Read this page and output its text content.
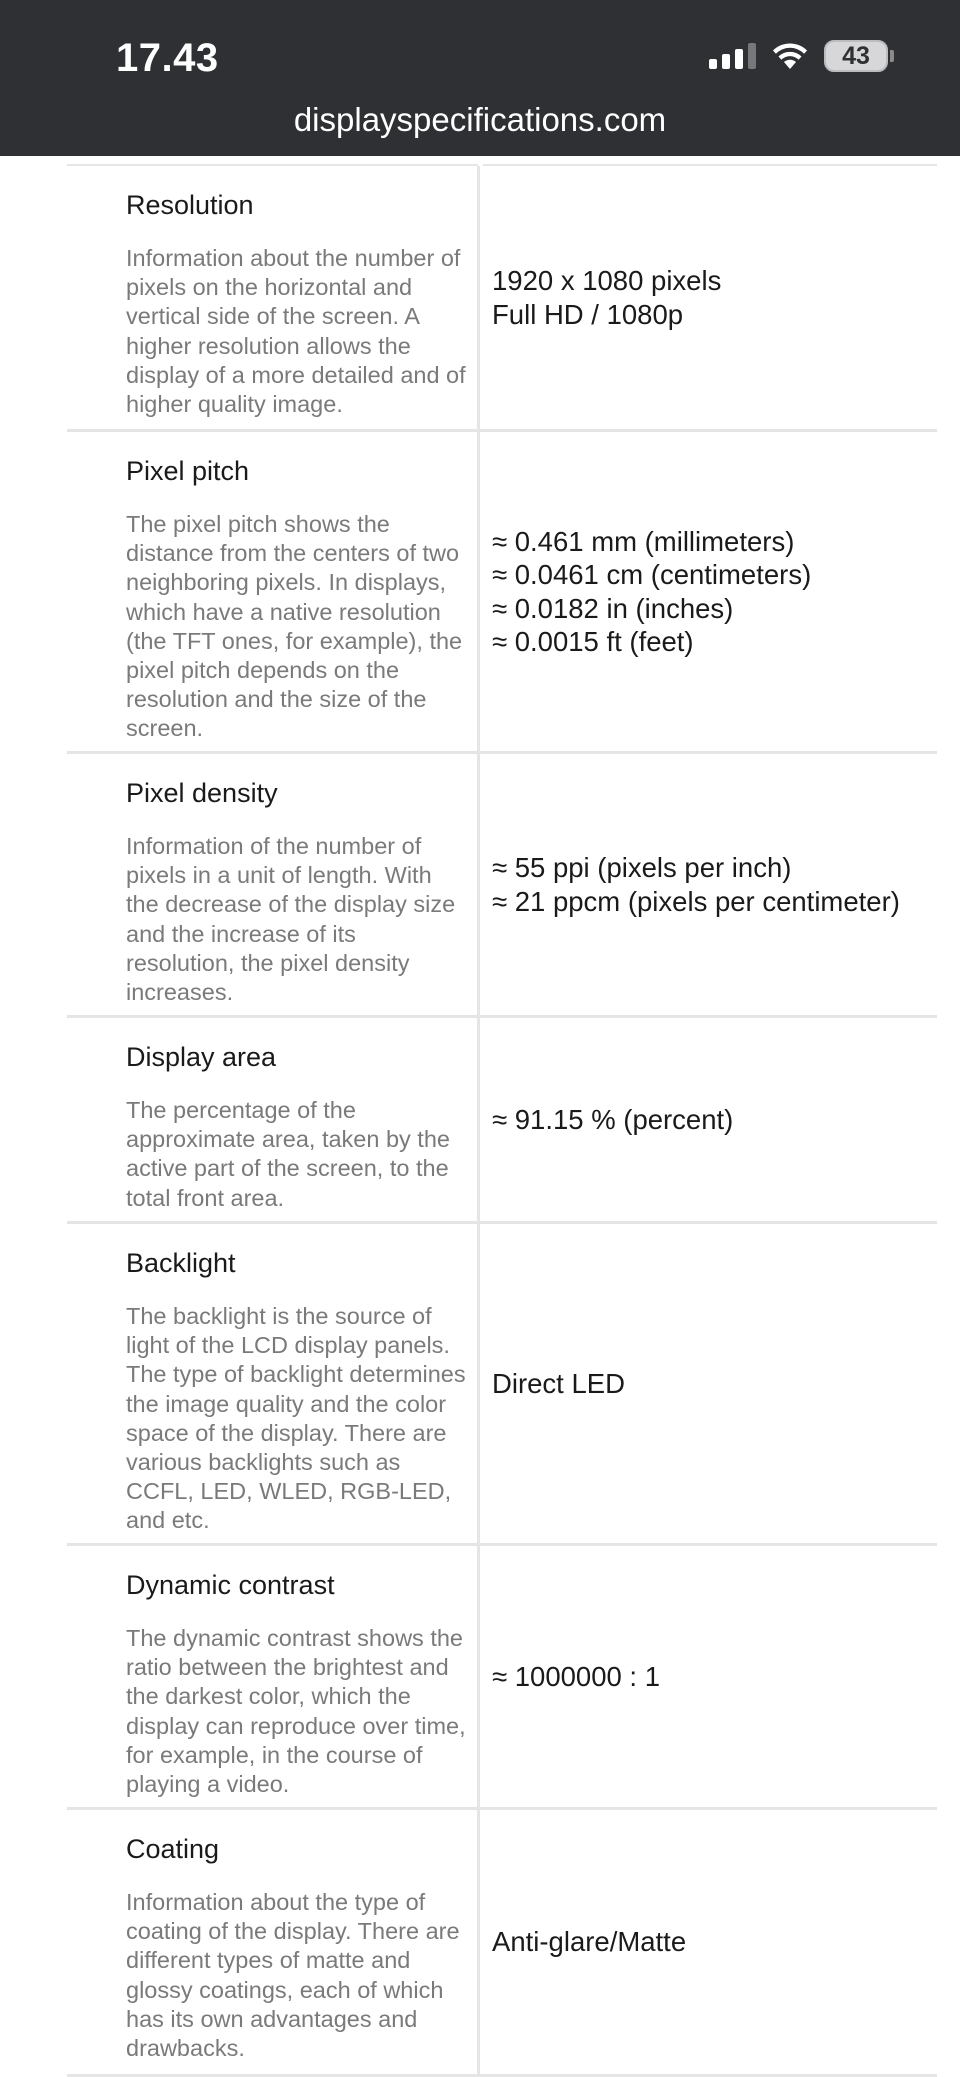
17.43	43
displayspecifications.com
Resolution
Information about the number of pixels on the horizontal and vertical side of the screen. A higher resolution allows the display of a more detailed and of higher quality image.
1920 x 1080 pixels
Full HD / 1080p
Pixel pitch
The pixel pitch shows the distance from the centers of two neighboring pixels. In displays, which have a native resolution (the TFT ones, for example), the pixel pitch depends on the resolution and the size of the screen.
≈ 0.461 mm (millimeters)
≈ 0.0461 cm (centimeters)
≈ 0.0182 in (inches)
≈ 0.0015 ft (feet)
Pixel density
Information of the number of pixels in a unit of length. With the decrease of the display size and the increase of its resolution, the pixel density increases.
≈ 55 ppi (pixels per inch)
≈ 21 ppcm (pixels per centimeter)
Display area
The percentage of the approximate area, taken by the active part of the screen, to the total front area.
≈ 91.15 % (percent)
Backlight
The backlight is the source of light of the LCD display panels. The type of backlight determines the image quality and the color space of the display. There are various backlights such as CCFL, LED, WLED, RGB-LED, and etc.
Direct LED
Dynamic contrast
The dynamic contrast shows the ratio between the brightest and the darkest color, which the display can reproduce over time, for example, in the course of playing a video.
≈ 1000000 : 1
Coating
Information about the type of coating of the display. There are different types of matte and glossy coatings, each of which has its own advantages and drawbacks.
Anti-glare/Matte
